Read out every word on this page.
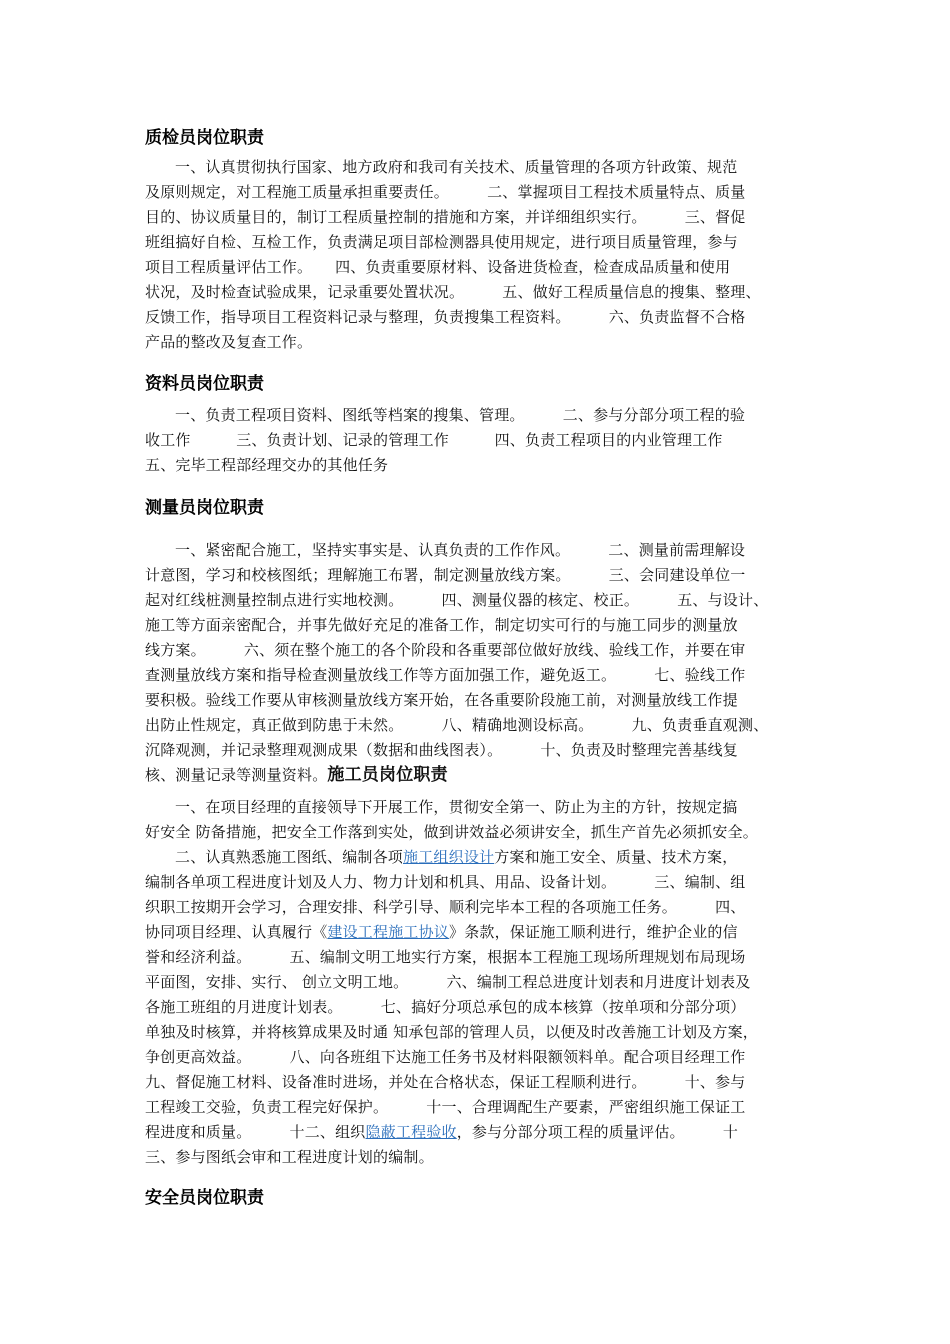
质检员岗位职责
一、认真贯彻执行国家、地方政府和我司有关技术、质量管理的各项方针政策、规范
及原则规定，对工程施工质量承担重要责任。　　　二、掌握项目工程技术质量特点、质量
目的、协议质量目的，制订工程质量控制的措施和方案，并详细组织实行。　　　三、督促
班组搞好自检、互检工作，负责满足项目部检测器具使用规定，进行项目质量管理，参与
项目工程质量评估工作。　　四、负责重要原材料、设备进货检查，检查成品质量和使用
状况，及时检查试验成果，记录重要处置状况。　　　五、做好工程质量信息的搜集、整理、
反馈工作，指导项目工程资料记录与整理，负责搜集工程资料。　　　六、负责监督不合格
产品的整改及复查工作。
资料员岗位职责
一、负责工程项目资料、图纸等档案的搜集、管理。　　　二、参与分部分项工程的验
收工作　　　三、负责计划、记录的管理工作　　　四、负责工程项目的内业管理工作
五、完毕工程部经理交办的其他任务
测量员岗位职责
一、紧密配合施工，坚持实事实是、认真负责的工作作风。　　　二、测量前需理解设
计意图，学习和校核图纸；理解施工布署，制定测量放线方案。　　　三、会同建设单位一
起对红线桩测量控制点进行实地校测。　　　四、测量仪器的核定、校正。　　　五、与设计、
施工等方面亲密配合，并事先做好充足的准备工作，制定切实可行的与施工同步的测量放
线方案。　　　六、须在整个施工的各个阶段和各重要部位做好放线、验线工作，并要在审
查测量放线方案和指导检查测量放线工作等方面加强工作，避免返工。　　　七、验线工作
要积极。验线工作要从审核测量放线方案开始，在各重要阶段施工前，对测量放线工作提
出防止性规定，真正做到防患于未然。　　　八、精确地测设标高。　　　九、负责垂直观测、
沉降观测，并记录整理观测成果（数据和曲线图表）。　　　十、负责及时整理完善基线复
核、测量记录等测量资料。施工员岗位职责
一、在项目经理的直接领导下开展工作，贯彻安全第一、防止为主的方针，按规定搞
好安全 防备措施，把安全工作落到实处，做到讲效益必须讲安全，抓生产首先必须抓安全。
二、认真熟悉施工图纸、编制各项施工组织设计方案和施工安全、质量、技术方案，
编制各单项工程进度计划及人力、物力计划和机具、用品、设备计划。　　　三、编制、组
织职工按期开会学习，合理安排、科学引导、顺利完毕本工程的各项施工任务。　　　四、
协同项目经理、认真履行《建设工程施工协议》条款，保证施工顺利进行，维护企业的信
誉和经济利益。　　　五、编制文明工地实行方案，根据本工程施工现场所理规划布局现场
平面图，安排、实行、 创立文明工地。　　　六、编制工程总进度计划表和月进度计划表及
各施工班组的月进度计划表。　　　七、搞好分项总承包的成本核算（按单项和分部分项）
单独及时核算，并将核算成果及时通 知承包部的管理人员，以便及时改善施工计划及方案，
争创更高效益。　　　八、向各班组下达施工任务书及材料限额领料单。配合项目经理工作
九、督促施工材料、设备准时进场，并处在合格状态，保证工程顺利进行。　　　十、参与
工程竣工交验，负责工程完好保护。　　　十一、合理调配生产要素，严密组织施工保证工
程进度和质量。　　　十二、组织隐蔽工程验收，参与分部分项工程的质量评估。　　　十
三、参与图纸会审和工程进度计划的编制。
安全员岗位职责
